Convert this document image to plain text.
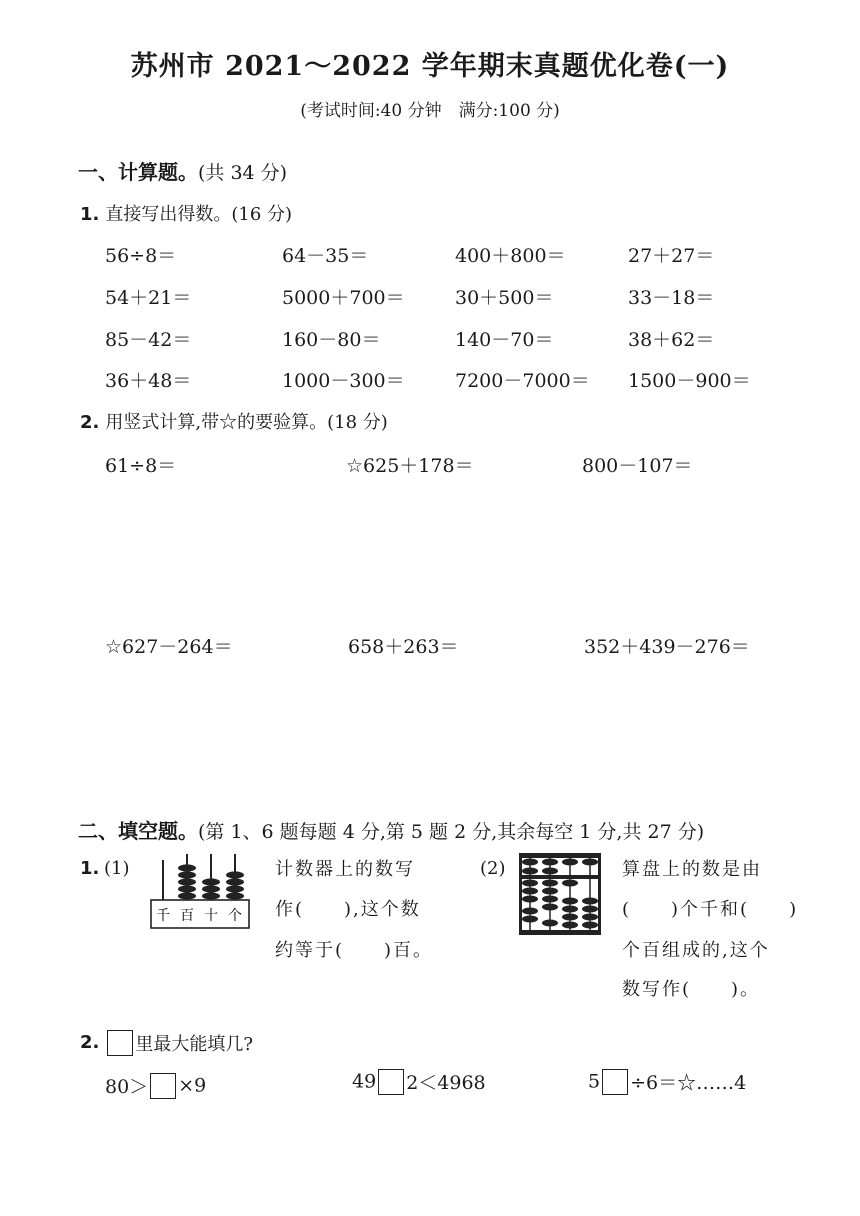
苏州市 2021～2022 学年期末真题优化卷(一)
(考试时间:40 分钟　满分:100 分)
一、计算题。(共 34 分)
1. 直接写出得数。(16 分)
56÷8＝	64－35＝	400＋800＝	27＋27＝
54＋21＝	5000＋700＝	30＋500＝	33－18＝
85－42＝	160－80＝	140－70＝	38＋62＝
36＋48＝	1000－300＝	7200－7000＝ 1500－900＝
2. 用竖式计算,带☆的要验算。(18 分)
61÷8＝	☆625＋178＝	800－107＝
☆627－264＝	658＋263＝	352＋439－276＝
二、填空题。(第 1、6 题每题 4 分,第 5 题 2 分,其余每空 1 分,共 27 分)
1. (1)
千 百 十 个
计数器上的数写
作(　　),这个数
约等于(　　)百。
(2)	算盘上的数是由
(　　)个千和(　　)
个百组成的,这个
数写作(　　)。
2. 里最大能填几?
80＞ ×9	49 2＜4968	5 ÷6＝☆……4
